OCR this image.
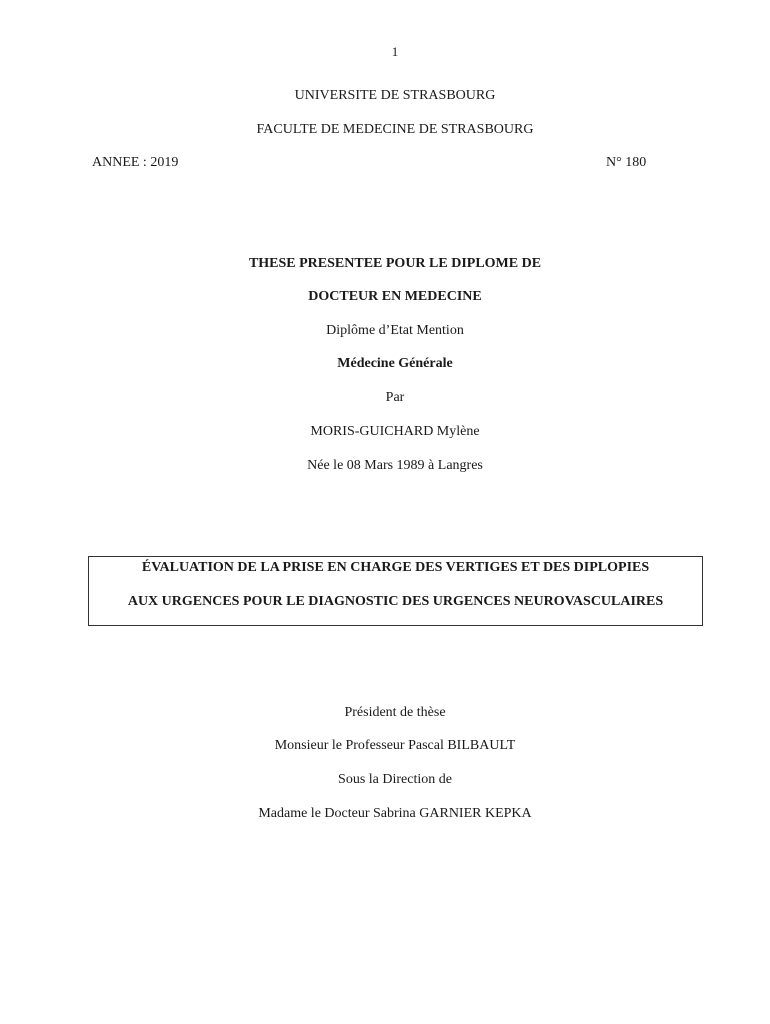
1
UNIVERSITE DE STRASBOURG
FACULTE DE MEDECINE DE STRASBOURG
ANNEE : 2019	N° 180
THESE PRESENTEE POUR LE DIPLOME DE
DOCTEUR EN MEDECINE
Diplôme d’Etat Mention
Médecine Générale
Par
MORIS-GUICHARD Mylène
Née le 08 Mars 1989 à Langres
ÉVALUATION DE LA PRISE EN CHARGE DES VERTIGES ET DES DIPLOPIES
AUX URGENCES POUR LE DIAGNOSTIC DES URGENCES NEUROVASCULAIRES
Président de thèse
Monsieur le Professeur Pascal BILBAULT
Sous la Direction de
Madame le Docteur Sabrina GARNIER KEPKA
